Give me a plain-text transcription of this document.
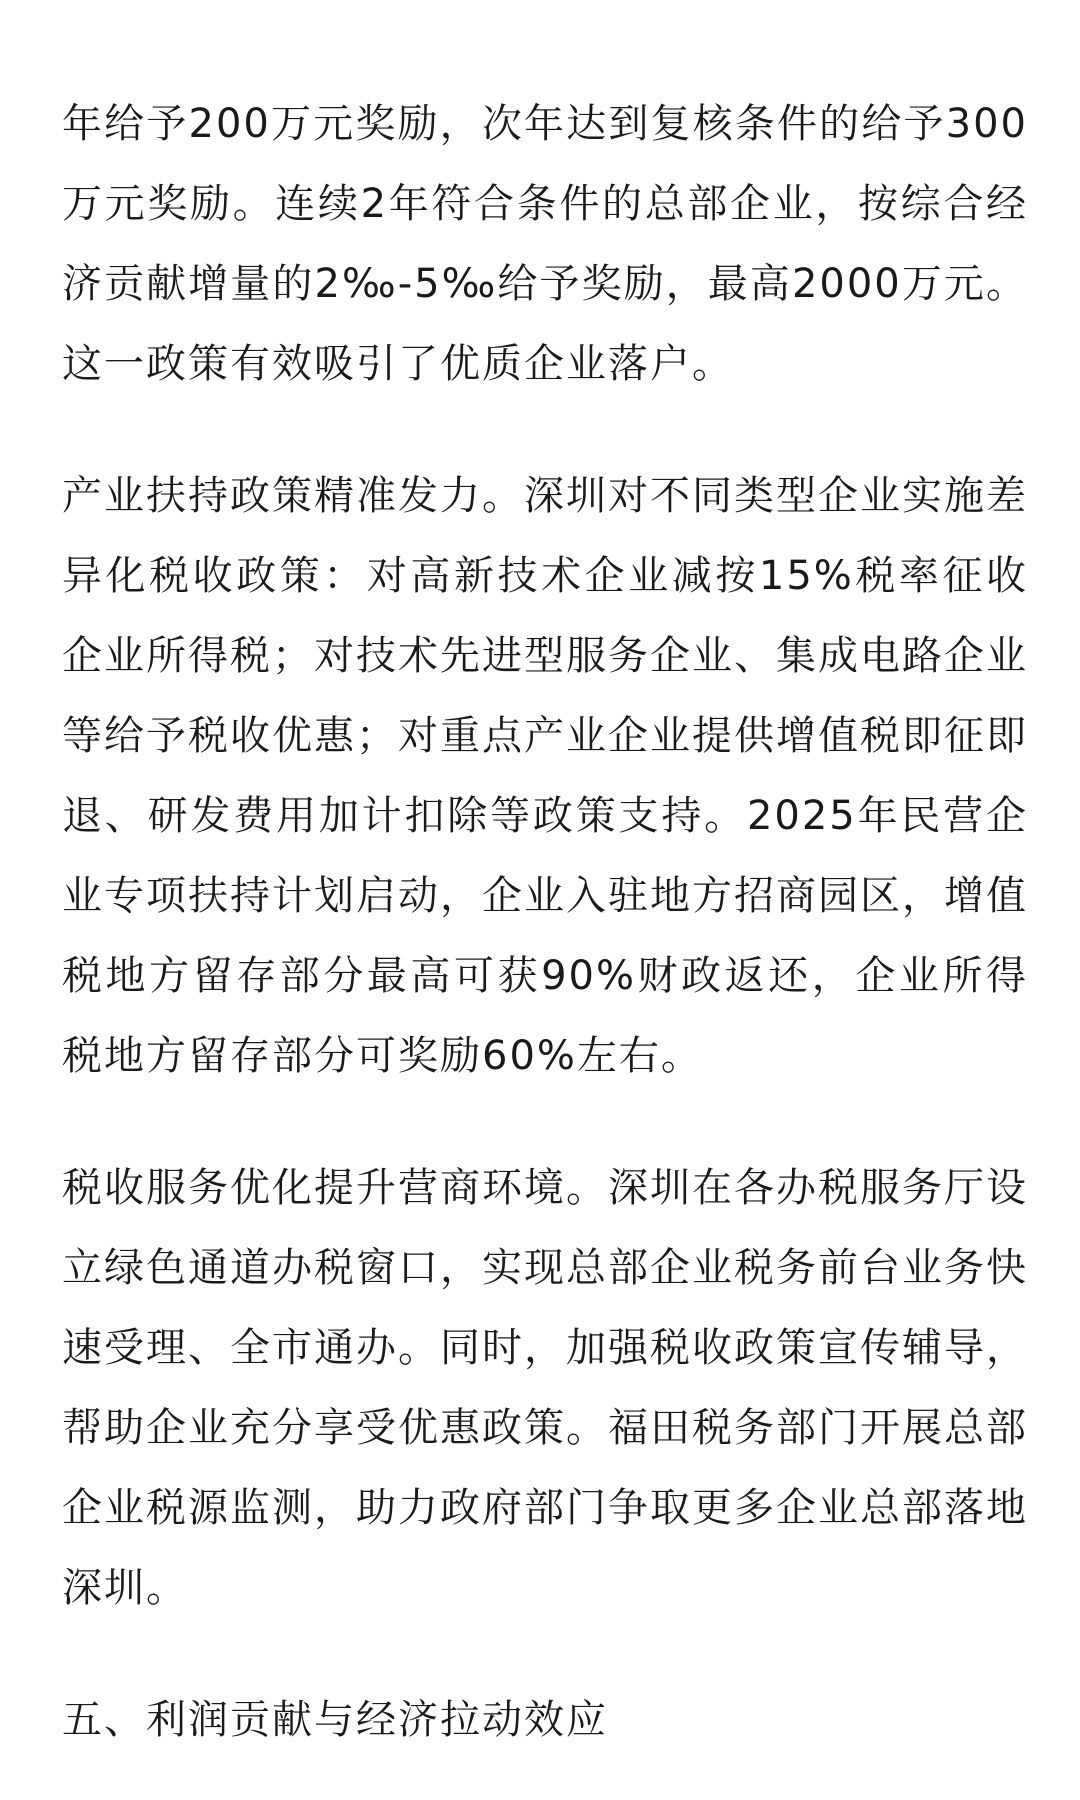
年给予200万元奖励，次年达到复核条件的给予300万元奖励。连续2年符合条件的总部企业，按综合经济贡献增量的2‰-5‰给予奖励，最高2000万元。这一政策有效吸引了优质企业落户。

产业扶持政策精准发力。深圳对不同类型企业实施差异化税收政策：对高新技术企业减按15%税率征收企业所得税；对技术先进型服务企业、集成电路企业等给予税收优惠；对重点产业企业提供增值税即征即退、研发费用加计扣除等政策支持。2025年民营企业专项扶持计划启动，企业入驻地方招商园区，增值税地方留存部分最高可获90%财政返还，企业所得税地方留存部分可奖励60%左右。

税收服务优化提升营商环境。深圳在各办税服务厅设立绿色通道办税窗口，实现总部企业税务前台业务快速受理、全市通办。同时，加强税收政策宣传辅导，帮助企业充分享受优惠政策。福田税务部门开展总部企业税源监测，助力政府部门争取更多企业总部落地深圳。

五、利润贡献与经济拉动效应
